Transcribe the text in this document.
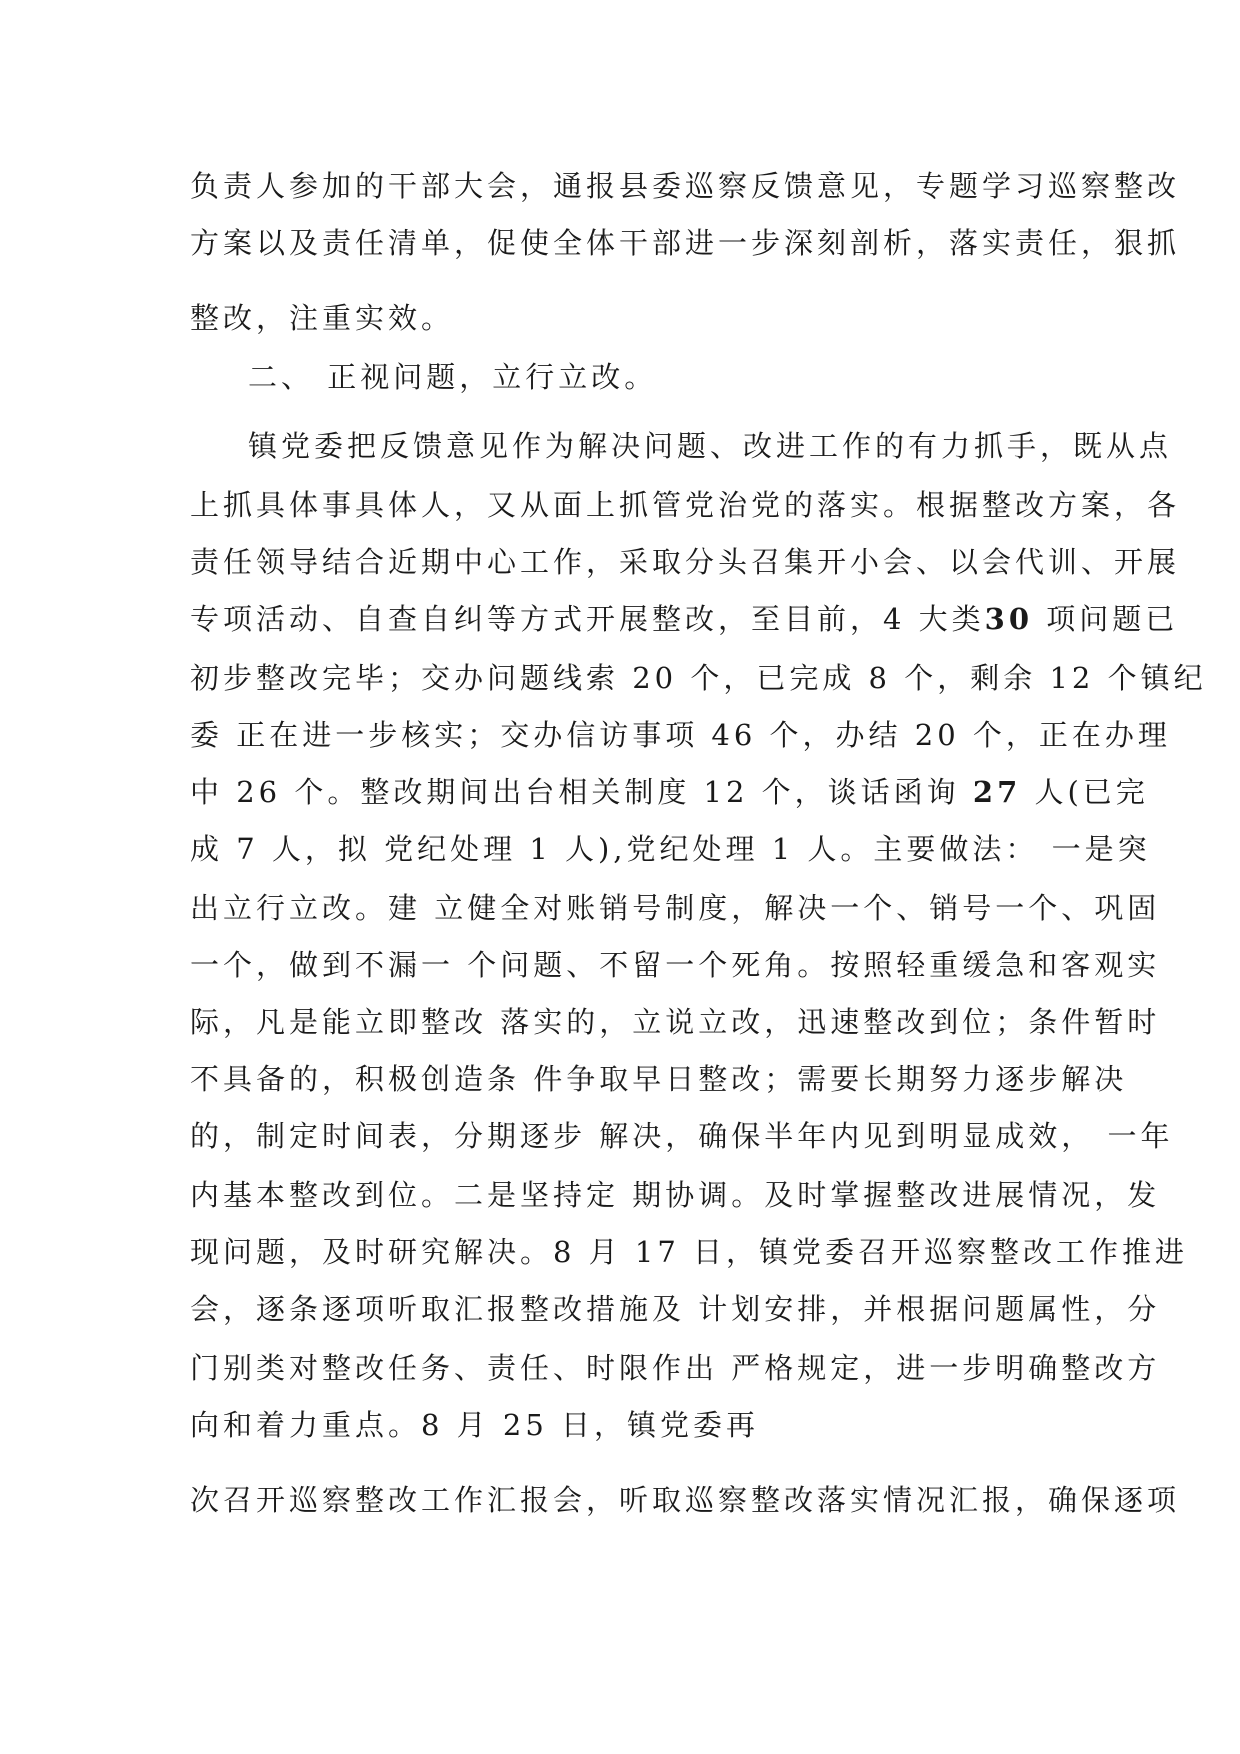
负责人参加的干部大会，通报县委巡察反馈意见，专题学习巡察整改
方案以及责任清单，促使全体干部进一步深刻剖析，落实责任，狠抓
整改，注重实效。
二、 正视问题，立行立改。
镇党委把反馈意见作为解决问题、改进工作的有力抓手，既从点
上抓具体事具体人，又从面上抓管党治党的落实。根据整改方案，各
责任领导结合近期中心工作，采取分头召集开小会、以会代训、开展
专项活动、自查自纠等方式开展整改，至目前，4 大类30 项问题已
初步整改完毕；交办问题线索 20 个，已完成 8 个，剩余 12 个镇纪
委 正在进一步核实；交办信访事项 46 个，办结 20 个，正在办理
中 26 个。整改期间出台相关制度 12 个，谈话函询 27 人(已完
成 7 人，拟 党纪处理 1 人),党纪处理 1 人。主要做法： 一是突
出立行立改。建 立健全对账销号制度，解决一个、销号一个、巩固
一个，做到不漏一 个问题、不留一个死角。按照轻重缓急和客观实
际，凡是能立即整改 落实的，立说立改，迅速整改到位；条件暂时
不具备的，积极创造条 件争取早日整改；需要长期努力逐步解决
的，制定时间表，分期逐步 解决，确保半年内见到明显成效， 一年
内基本整改到位。二是坚持定 期协调。及时掌握整改进展情况，发
现问题，及时研究解决。8 月 17 日，镇党委召开巡察整改工作推进
会，逐条逐项听取汇报整改措施及 计划安排，并根据问题属性，分
门别类对整改任务、责任、时限作出 严格规定，进一步明确整改方
向和着力重点。8 月 25 日，镇党委再
次召开巡察整改工作汇报会，听取巡察整改落实情况汇报，确保逐项
